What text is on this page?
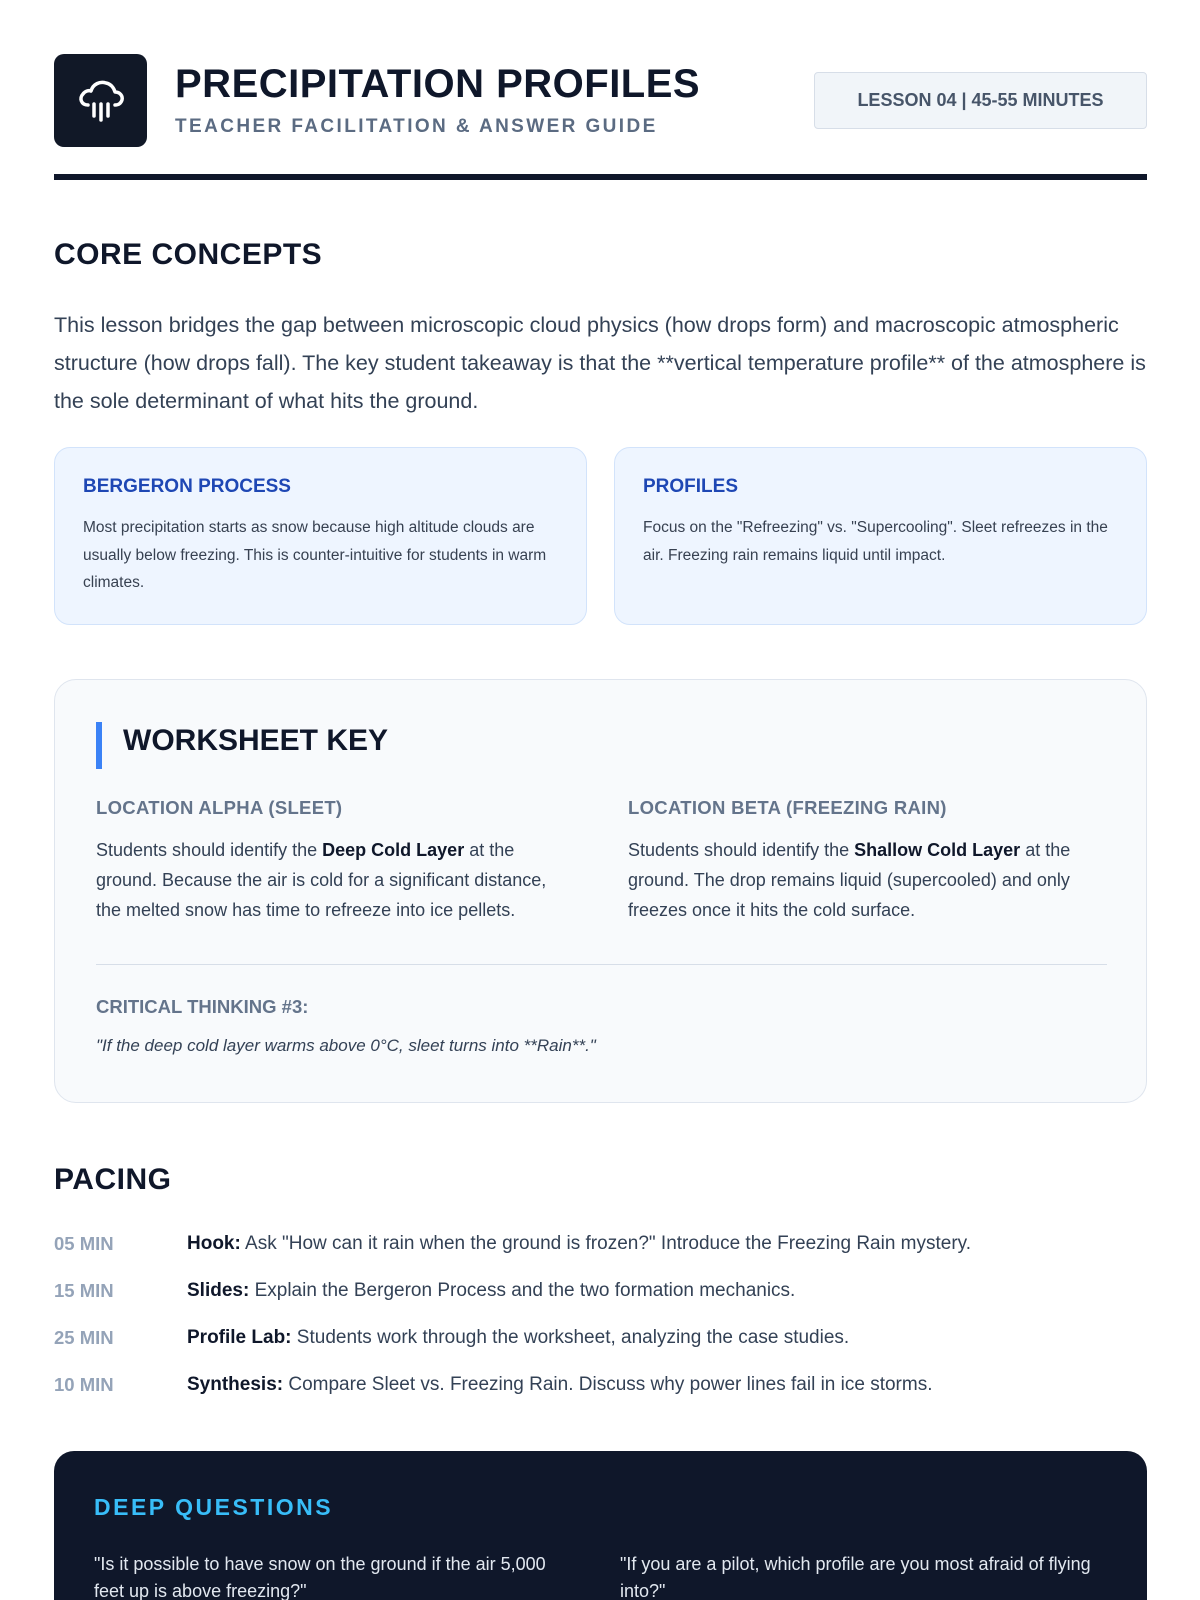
PRECIPITATION PROFILES
TEACHER FACILITATION & ANSWER GUIDE
LESSON 04 | 45-55 MINUTES
CORE CONCEPTS

This lesson bridges the gap between microscopic cloud physics (how drops form) and macroscopic atmospheric structure (how drops fall). The key student takeaway is that the **vertical temperature profile** of the atmosphere is the sole determinant of what hits the ground.

BERGERON PROCESS

Most precipitation starts as snow because high altitude clouds are usually below freezing. This is counter-intuitive for students in warm climates.

PROFILES

Focus on the "Refreezing" vs. "Supercooling". Sleet refreezes in the air. Freezing rain remains liquid until impact.

WORKSHEET KEY
LOCATION ALPHA (SLEET)

Students should identify the Deep Cold Layer at the ground. Because the air is cold for a significant distance, the melted snow has time to refreeze into ice pellets.

LOCATION BETA (FREEZING RAIN)

Students should identify the Shallow Cold Layer at the ground. The drop remains liquid (supercooled) and only freezes once it hits the cold surface.

CRITICAL THINKING #3:
"If the deep cold layer warms above 0°C, sleet turns into **Rain**."
PACING
05 MIN	Hook: Ask "How can it rain when the ground is frozen?" Introduce the Freezing Rain mystery.
15 MIN	Slides: Explain the Bergeron Process and the two formation mechanics.
25 MIN	Profile Lab: Students work through the worksheet, analyzing the case studies.
10 MIN	Synthesis: Compare Sleet vs. Freezing Rain. Discuss why power lines fail in ice storms.
DEEP QUESTIONS
"Is it possible to have snow on the ground if the air 5,000 feet up is above freezing?"
"If you are a pilot, which profile are you most afraid of flying into?"
